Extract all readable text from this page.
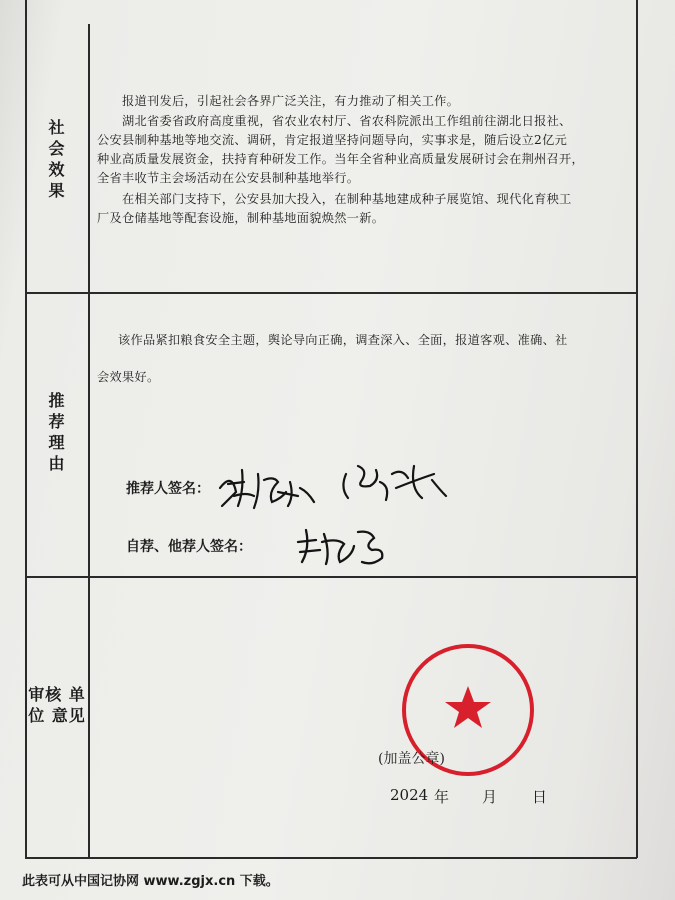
社
会
效
果
推
荐
理
由
审核 单位 意见
报道刊发后，引起社会各界广泛关注，有力推动了相关工作。
湖北省委省政府高度重视，省农业农村厅、省农科院派出工作组前往湖北日报社、
公安县制种基地等地交流、调研，肯定报道坚持问题导向，实事求是，随后设立2亿元
种业高质量发展资金，扶持育种研发工作。当年全省种业高质量发展研讨会在荆州召开，
全省丰收节主会场活动在公安县制种基地举行。
在相关部门支持下，公安县加大投入，在制种基地建成种子展览馆、现代化育秧工
厂及仓储基地等配套设施，制种基地面貌焕然一新。
该作品紧扣粮食安全主题，舆论导向正确，调查深入、全面，报道客观、准确、社
会效果好。
推荐人签名：
自荐、他荐人签名：
(加盖公章)
2024 年 月 日
此表可从中国记协网 www.zgjx.cn 下载。
